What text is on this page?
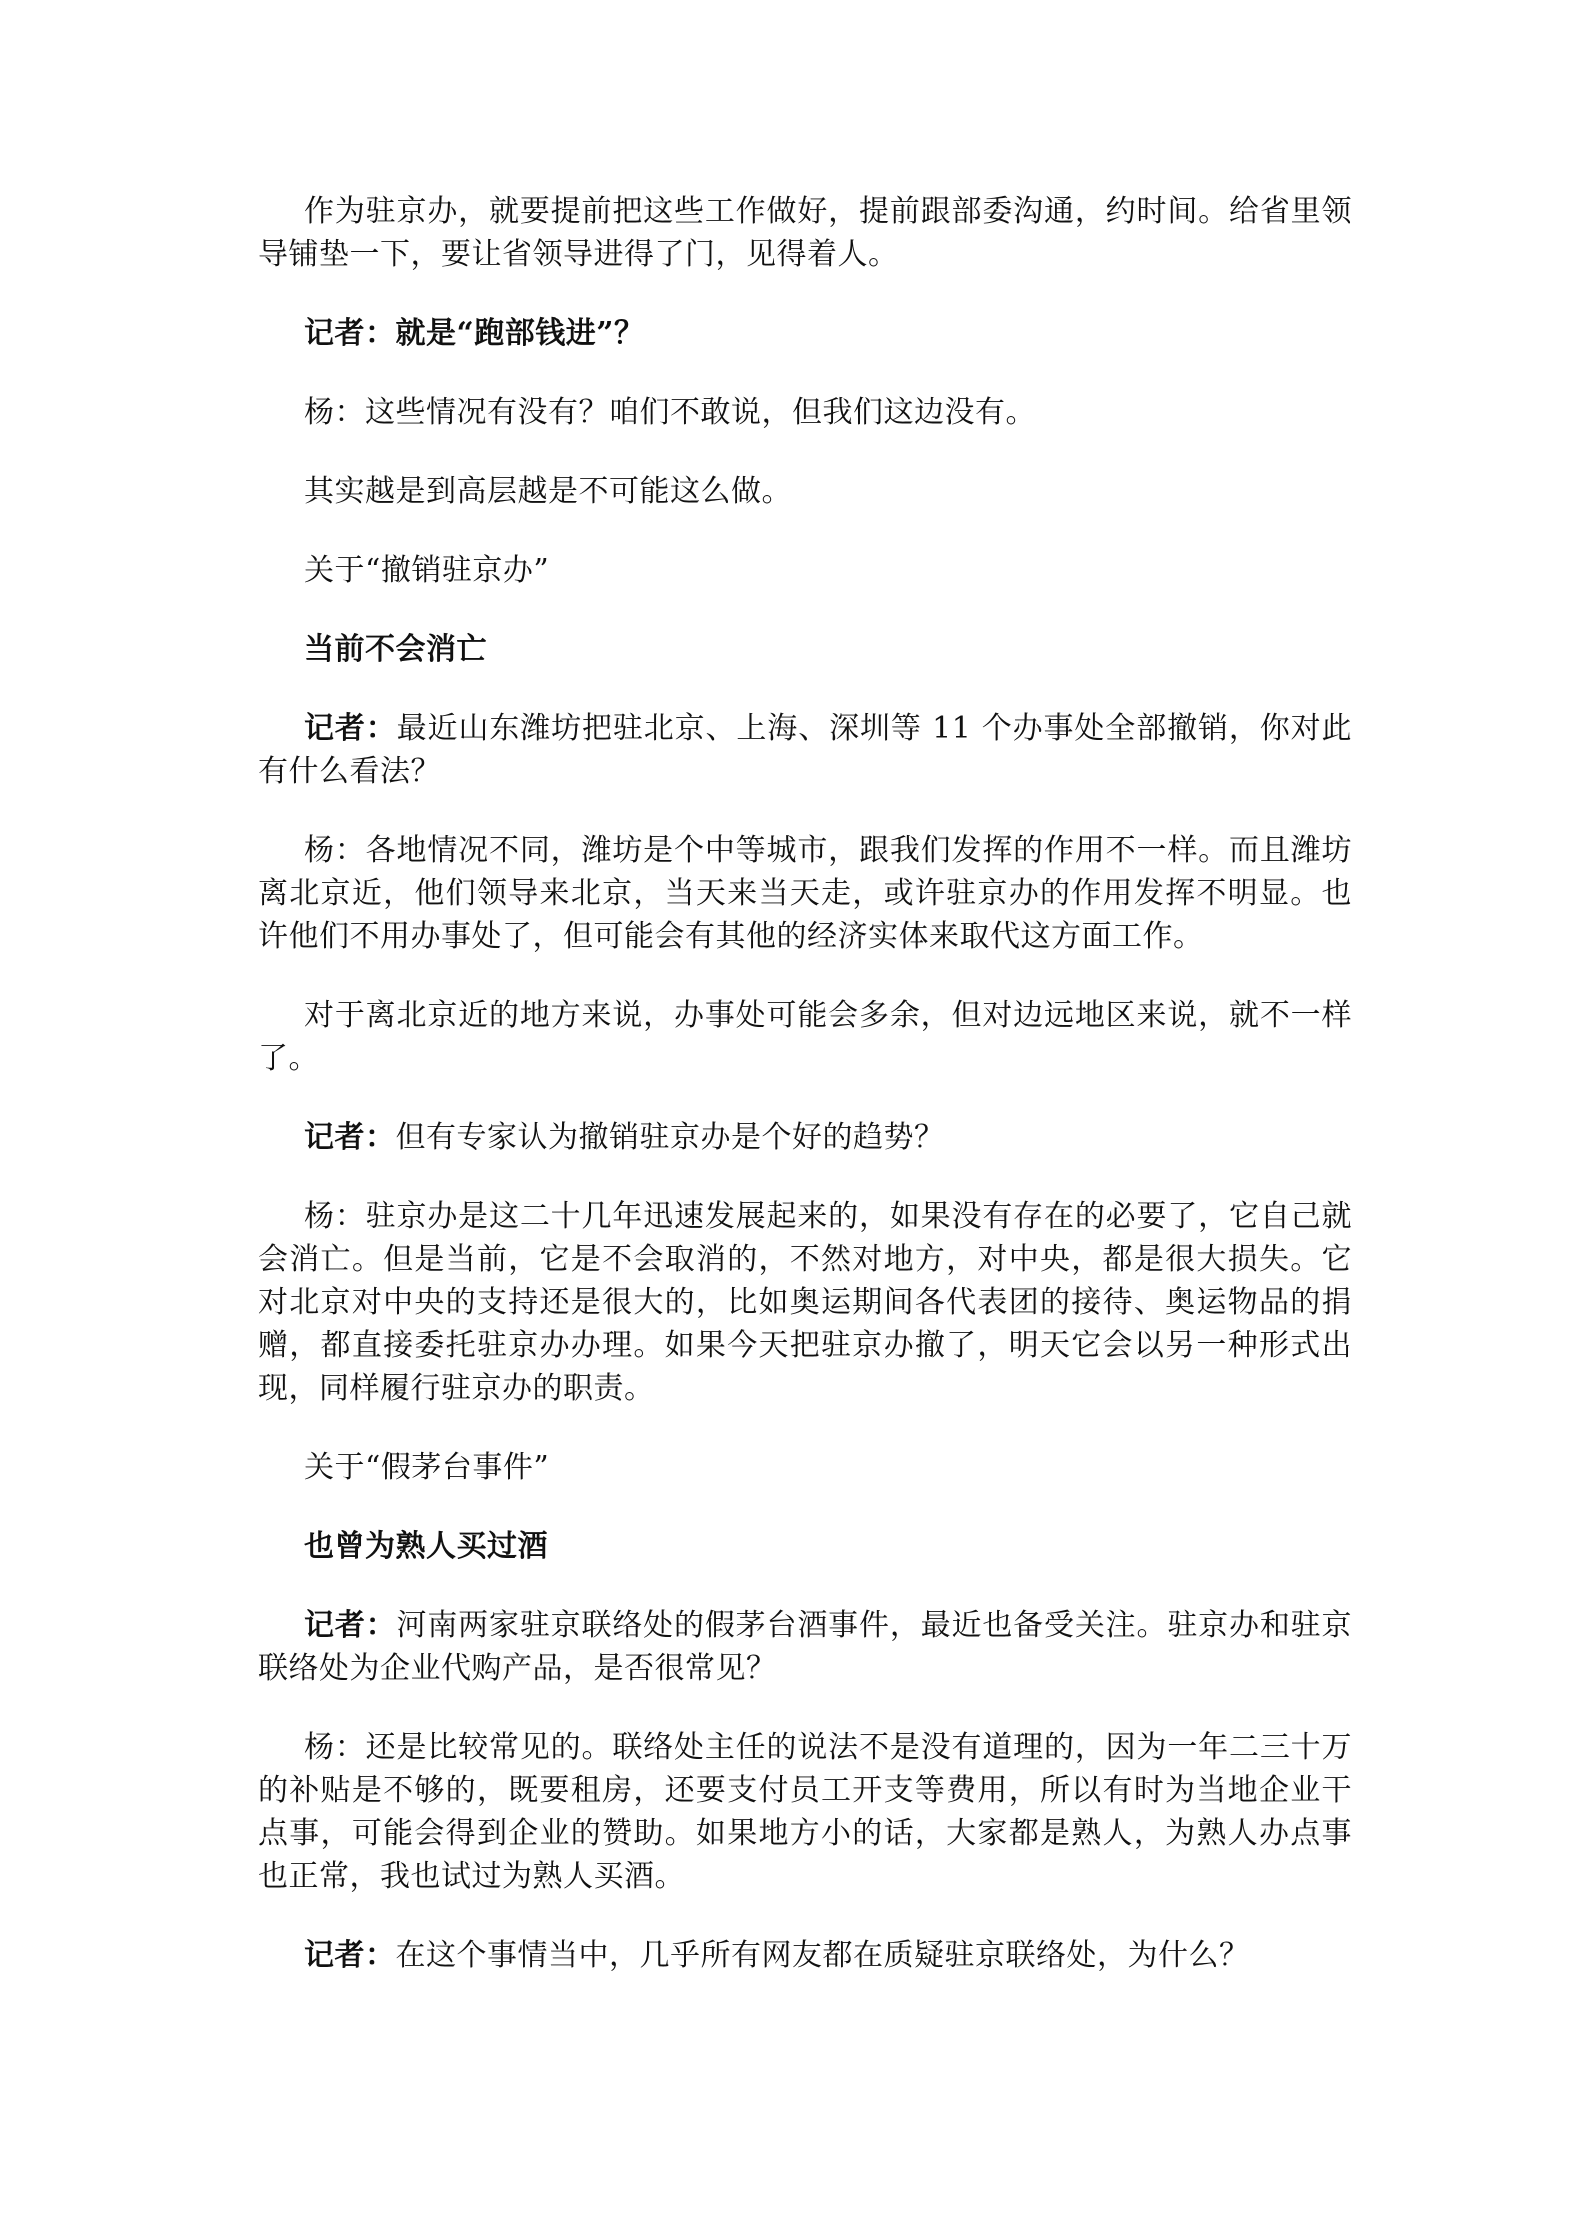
作为驻京办，就要提前把这些工作做好，提前跟部委沟通，约时间。给省里领导铺垫一下，要让省领导进得了门，见得着人。

记者：就是“跑部钱进”？

杨：这些情况有没有？咱们不敢说，但我们这边没有。

其实越是到高层越是不可能这么做。

关于“撤销驻京办”

当前不会消亡

记者：最近山东潍坊把驻北京、上海、深圳等 11 个办事处全部撤销，你对此有什么看法？

杨：各地情况不同，潍坊是个中等城市，跟我们发挥的作用不一样。而且潍坊离北京近，他们领导来北京，当天来当天走，或许驻京办的作用发挥不明显。也许他们不用办事处了，但可能会有其他的经济实体来取代这方面工作。

对于离北京近的地方来说，办事处可能会多余，但对边远地区来说，就不一样了。

记者：但有专家认为撤销驻京办是个好的趋势？

杨：驻京办是这二十几年迅速发展起来的，如果没有存在的必要了，它自己就会消亡。但是当前，它是不会取消的，不然对地方，对中央，都是很大损失。它对北京对中央的支持还是很大的，比如奥运期间各代表团的接待、奥运物品的捐赠，都直接委托驻京办办理。如果今天把驻京办撤了，明天它会以另一种形式出现，同样履行驻京办的职责。

关于“假茅台事件”

也曾为熟人买过酒

记者：河南两家驻京联络处的假茅台酒事件，最近也备受关注。驻京办和驻京联络处为企业代购产品，是否很常见？

杨：还是比较常见的。联络处主任的说法不是没有道理的，因为一年二三十万的补贴是不够的，既要租房，还要支付员工开支等费用，所以有时为当地企业干点事，可能会得到企业的赞助。如果地方小的话，大家都是熟人，为熟人办点事也正常，我也试过为熟人买酒。

记者：在这个事情当中，几乎所有网友都在质疑驻京联络处，为什么？
